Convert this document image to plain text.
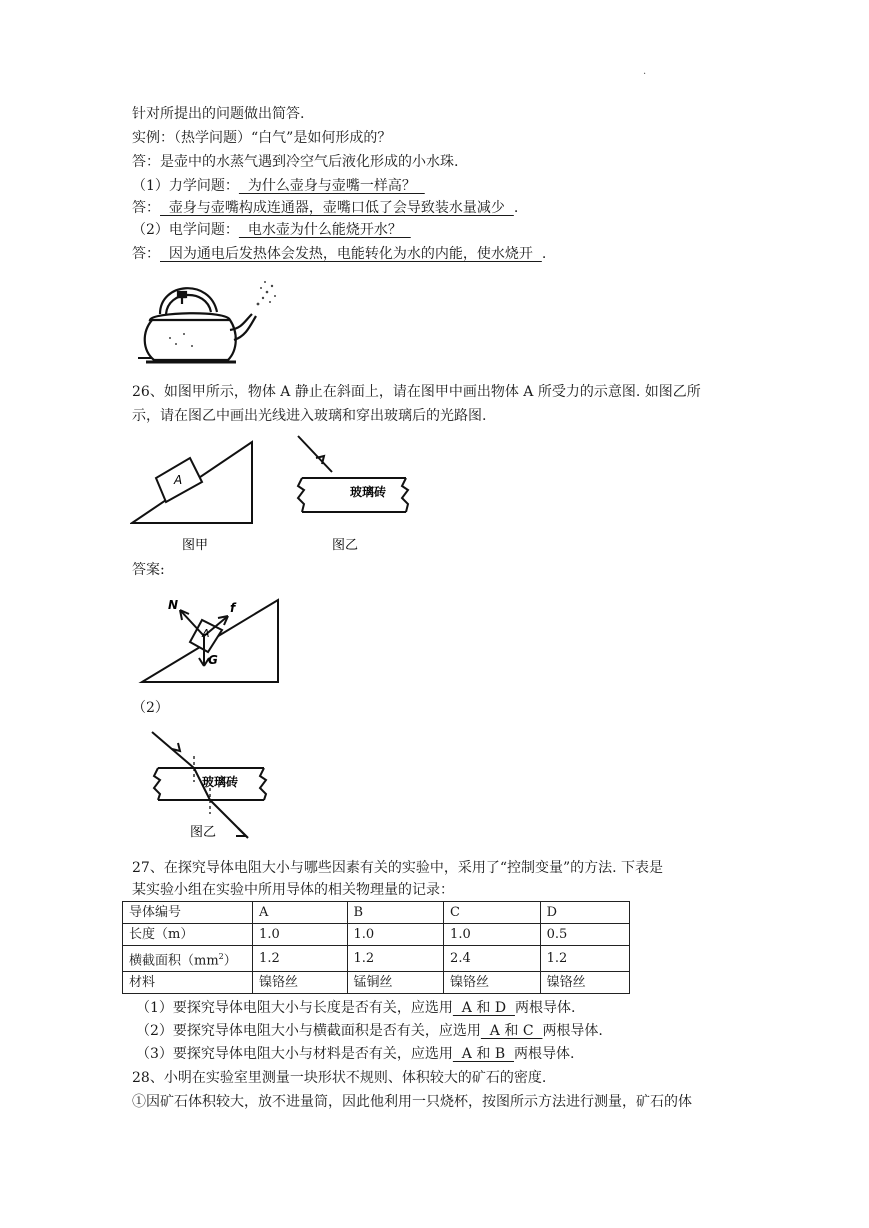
.
针对所提出的问题做出简答.
实例：（热学问题）“白气”是如何形成的？
答：是壶中的水蒸气遇到冷空气后液化形成的小水珠.
（1）力学问题：  为什么壶身与壶嘴一样高？
答：  壶身与壶嘴构成连通器，壶嘴口低了会导致装水量减少  .
（2）电学问题：  电水壶为什么能烧开水？
答：  因为通电后发热体会发热，电能转化为水的内能，使水烧开  .
26、如图甲所示，物体 A 静止在斜面上，请在图甲中画出物体 A 所受力的示意图. 如图乙所
示，请在图乙中画出光线进入玻璃和穿出玻璃后的光路图.
A
图甲
玻璃砖
图乙
答案:
N	f
G
A
（2）
玻璃砖
图乙
27、在探究导体电阻大小与哪些因素有关的实验中，采用了“控制变量”的方法. 下表是
某实验小组在实验中所用导体的相关物理量的记录：
导体编号	A	B	C	D
长度（m）	1.0	1.0	1.0	0.5
横截面积$(mm^2)$	1.2	1.2	2.4	1.2
材料	镍铬丝	锰铜丝	镍铬丝	镍铬丝
（1）要探究导体电阻大小与长度是否有关，应选用  A 和 D  两根导体.
（2）要探究导体电阻大小与横截面积是否有关，应选用  A 和 C  两根导体.
（3）要探究导体电阻大小与材料是否有关，应选用  A 和 B  两根导体.
28、小明在实验室里测量一块形状不规则、体积较大的矿石的密度.
①因矿石体积较大，放不进量筒，因此他利用一只烧杯，按图所示方法进行测量，矿石的体
